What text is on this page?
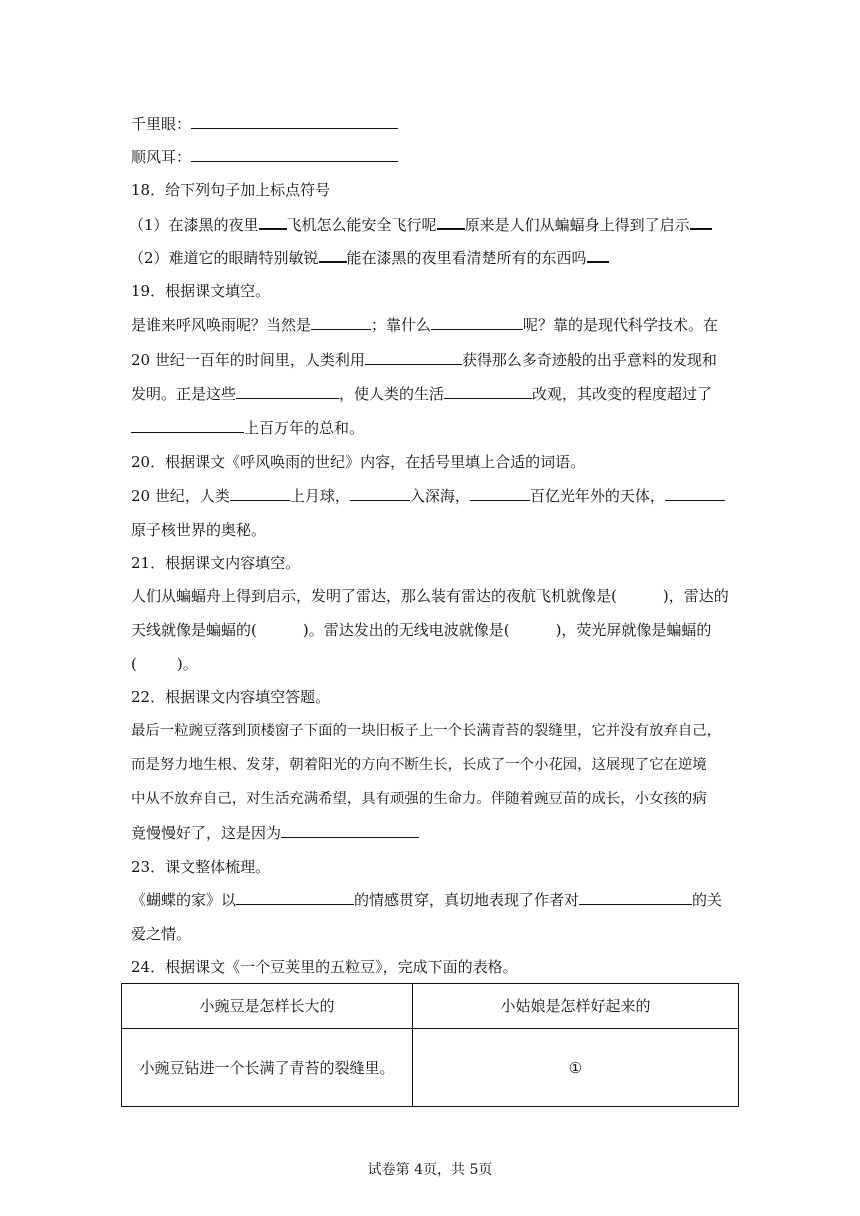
千里眼：
顺风耳：
18．给下列句子加上标点符号
（1）在漆黑的夜里 飞机怎么能安全飞行呢 原来是人们从蝙蝠身上得到了启示
（2）难道它的眼睛特别敏锐 能在漆黑的夜里看清楚所有的东西吗
19．根据课文填空。
是谁来呼风唤雨呢？当然是	；靠什么	呢？靠的是现代科学技术。在
20 世纪一百年的时间里，人类利用	获得那么多奇迹般的出乎意料的发现和
发明。正是这些	，使人类的生活	改观，其改变的程度超过了
上百万年的总和。
20．根据课文《呼风唤雨的世纪》内容，在括号里填上合适的词语。
20 世纪，人类	上月球，	入深海，	百亿光年外的天体，
原子核世界的奥秘。
21．根据课文内容填空。
人们从蝙蝠舟上得到启示，发明了雷达，那么装有雷达的夜航飞机就像是(	)，雷达的
天线就像是蝙蝠的(	)。雷达发出的无线电波就像是(	)，荧光屏就像是蝙蝠的
(	)。
22．根据课文内容填空答题。
最后一粒豌豆落到顶楼窗子下面的一块旧板子上一个长满青苔的裂缝里，它并没有放弃自己，
而是努力地生根、发芽，朝着阳光的方向不断生长，长成了一个小花园，这展现了它在逆境
中从不放弃自己，对生活充满希望，具有顽强的生命力。伴随着豌豆苗的成长，小女孩的病
竟慢慢好了，这是因为
23．课文整体梳理。
《蝴蝶的家》以	的情感贯穿，真切地表现了作者对	的关
爱之情。
24．根据课文《一个豆荚里的五粒豆》，完成下面的表格。
小豌豆是怎样长大的	小姑娘是怎样好起来的
小豌豆钻进一个长满了青苔的裂缝里。	①
试卷第 4页，共 5页
